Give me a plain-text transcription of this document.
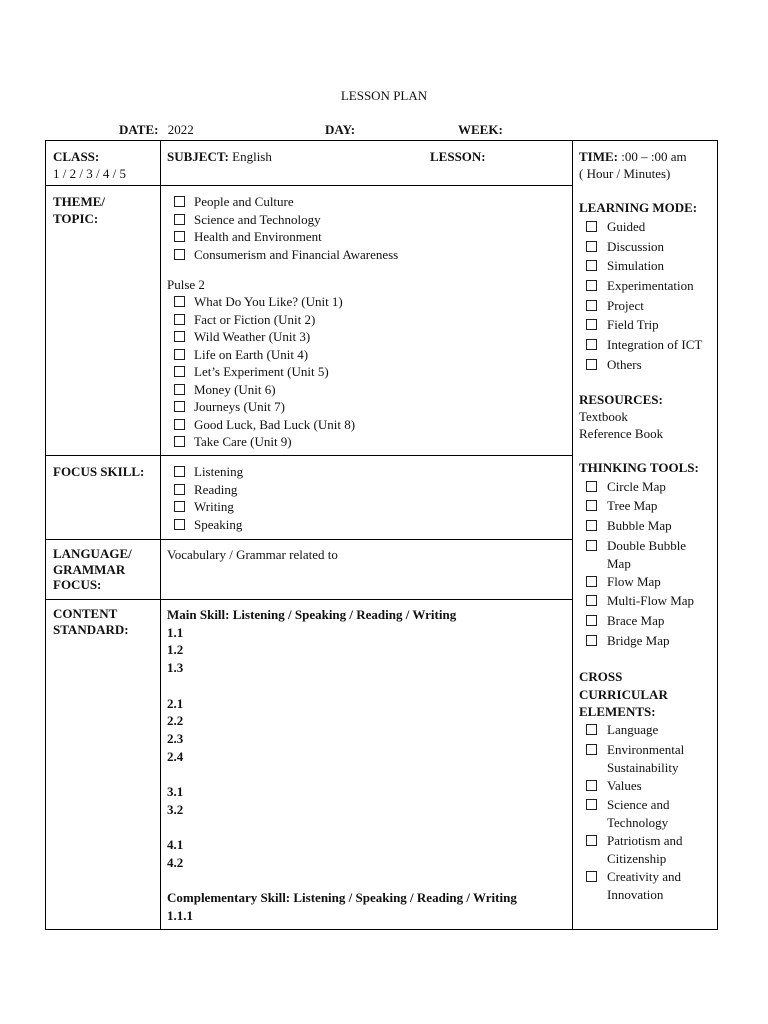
LESSON PLAN
DATE: 2022	DAY:	WEEK:
CLASS:
1 / 2 / 3 / 4 / 5
SUBJECT: English	LESSON:
THEME/
TOPIC:
People and Culture
Science and Technology
Health and Environment
Consumerism and Financial Awareness
Pulse 2
What Do You Like? (Unit 1)
Fact or Fiction (Unit 2)
Wild Weather (Unit 3)
Life on Earth (Unit 4)
Let’s Experiment (Unit 5)
Money (Unit 6)
Journeys (Unit 7)
Good Luck, Bad Luck (Unit 8)
Take Care (Unit 9)
FOCUS SKILL:	Listening
Reading
Writing
Speaking
LANGUAGE/
GRAMMAR
FOCUS:
Vocabulary / Grammar related to
CONTENT
STANDARD:
Main Skill: Listening / Speaking / Reading / Writing
1.1
1.2
1.3
2.1
2.2
2.3
2.4
3.1
3.2
4.1
4.2
Complementary Skill: Listening / Speaking / Reading / Writing
1.1.1
TIME: :00 – :00 am
( Hour / Minutes)
LEARNING MODE:
Guided
Discussion
Simulation
Experimentation
Project
Field Trip
Integration of ICT
Others
RESOURCES:
Textbook
Reference Book
THINKING TOOLS:
Circle Map
Tree Map
Bubble Map
Double Bubble
Map
Flow Map
Multi-Flow Map
Brace Map
Bridge Map
CROSS
CURRICULAR
ELEMENTS:
Language
Environmental
Sustainability
Values
Science and
Technology
Patriotism and
Citizenship
Creativity and
Innovation
